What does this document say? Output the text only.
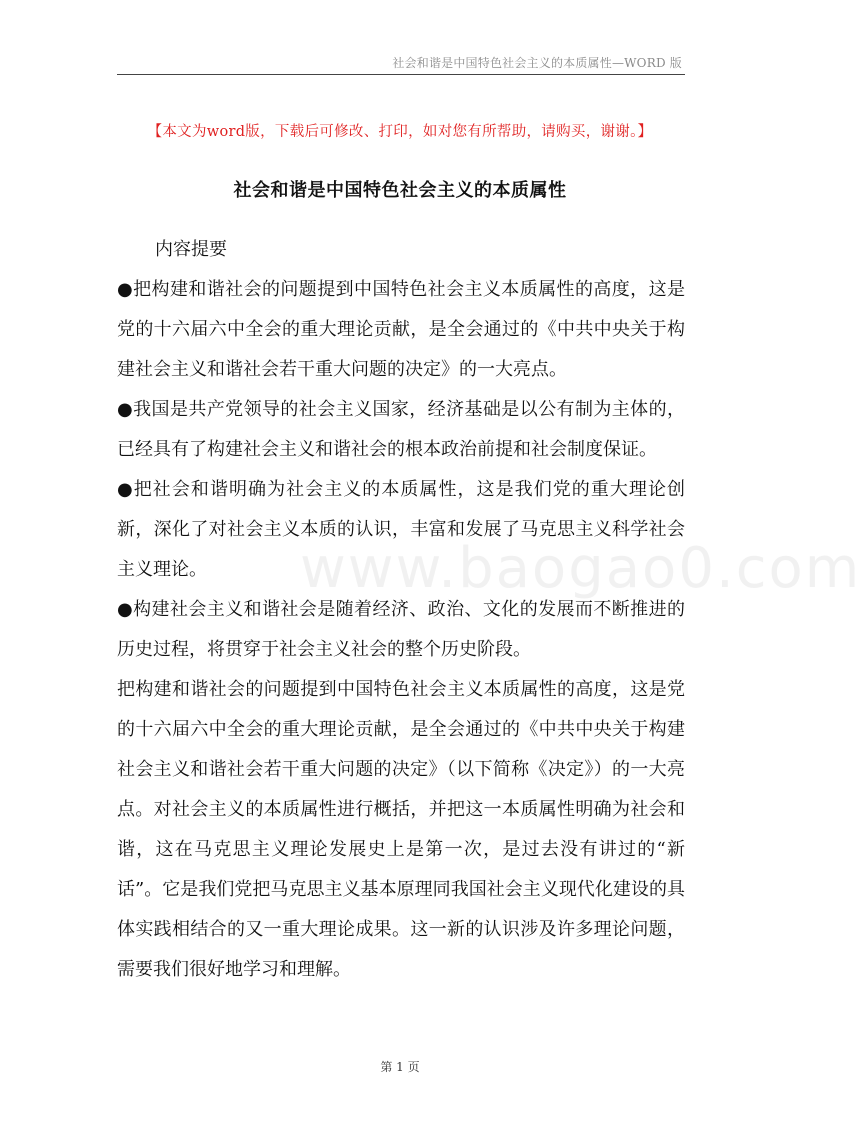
社会和谐是中国特色社会主义的本质属性—WORD 版
【本文为word版，下载后可修改、打印，如对您有所帮助，请购买，谢谢。】
社会和谐是中国特色社会主义的本质属性
www.baogao0.com

内容提要

●把构建和谐社会的问题提到中国特色社会主义本质属性的高度，这是党的十六届六中全会的重大理论贡献，是全会通过的《中共中央关于构建社会主义和谐社会若干重大问题的决定》的一大亮点。

●我国是共产党领导的社会主义国家，经济基础是以公有制为主体的，已经具有了构建社会主义和谐社会的根本政治前提和社会制度保证。

●把社会和谐明确为社会主义的本质属性，这是我们党的重大理论创新，深化了对社会主义本质的认识，丰富和发展了马克思主义科学社会主义理论。

●构建社会主义和谐社会是随着经济、政治、文化的发展而不断推进的历史过程，将贯穿于社会主义社会的整个历史阶段。

把构建和谐社会的问题提到中国特色社会主义本质属性的高度，这是党的十六届六中全会的重大理论贡献，是全会通过的《中共中央关于构建社会主义和谐社会若干重大问题的决定》（以下简称《决定》）的一大亮点。对社会主义的本质属性进行概括，并把这一本质属性明确为社会和谐，这在马克思主义理论发展史上是第一次，是过去没有讲过的“新话”。它是我们党把马克思主义基本原理同我国社会主义现代化建设的具体实践相结合的又一重大理论成果。这一新的认识涉及许多理论问题，需要我们很好地学习和理解。

第 1 页
